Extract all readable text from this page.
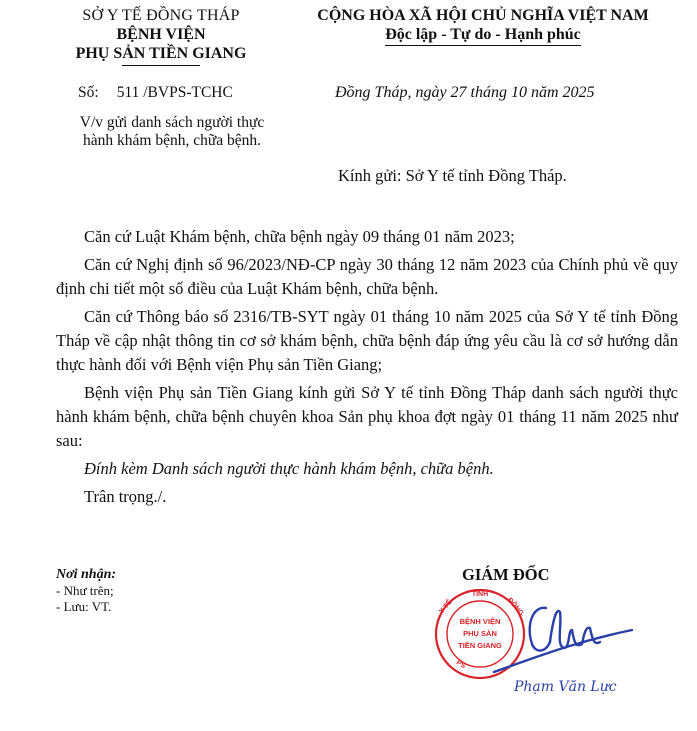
SỞ Y TẾ ĐỒNG THÁP
BỆNH VIỆN
PHỤ SẢN TIỀN GIANG
CỘNG HÒA XÃ HỘI CHỦ NGHĨA VIỆT NAM
Độc lập - Tự do - Hạnh phúc
Số: 511 /BVPS-TCHC	Đồng Tháp, ngày 27 tháng 10 năm 2025
V/v gửi danh sách người thực
hành khám bệnh, chữa bệnh.
Kính gửi: Sở Y tế tỉnh Đồng Tháp.

Căn cứ Luật Khám bệnh, chữa bệnh ngày 09 tháng 01 năm 2023;

Căn cứ Nghị định số 96/2023/NĐ-CP ngày 30 tháng 12 năm 2023 của Chính phủ về quy định chi tiết một số điều của Luật Khám bệnh, chữa bệnh.

Căn cứ Thông báo số 2316/TB-SYT ngày 01 tháng 10 năm 2025 của Sở Y tế tỉnh Đồng Tháp về cập nhật thông tin cơ sở khám bệnh, chữa bệnh đáp ứng yêu cầu là cơ sở hướng dẫn thực hành đối với Bệnh viện Phụ sản Tiền Giang;

Bệnh viện Phụ sản Tiền Giang kính gửi Sở Y tế tỉnh Đồng Tháp danh sách người thực hành khám bệnh, chữa bệnh chuyên khoa Sản phụ khoa đợt ngày 01 tháng 11 năm 2025 như sau:

Đính kèm Danh sách người thực hành khám bệnh, chữa bệnh.

Trân trọng./.

Nơi nhận:
- Như trên;
- Lưu: VT.
GIÁM ĐỐC
TỈNH
Y TẾ	ĐỒNG
BỆNH VIỆN
PHỤ SẢN
TIỀN GIANG
PS
Phạm Văn Lực
